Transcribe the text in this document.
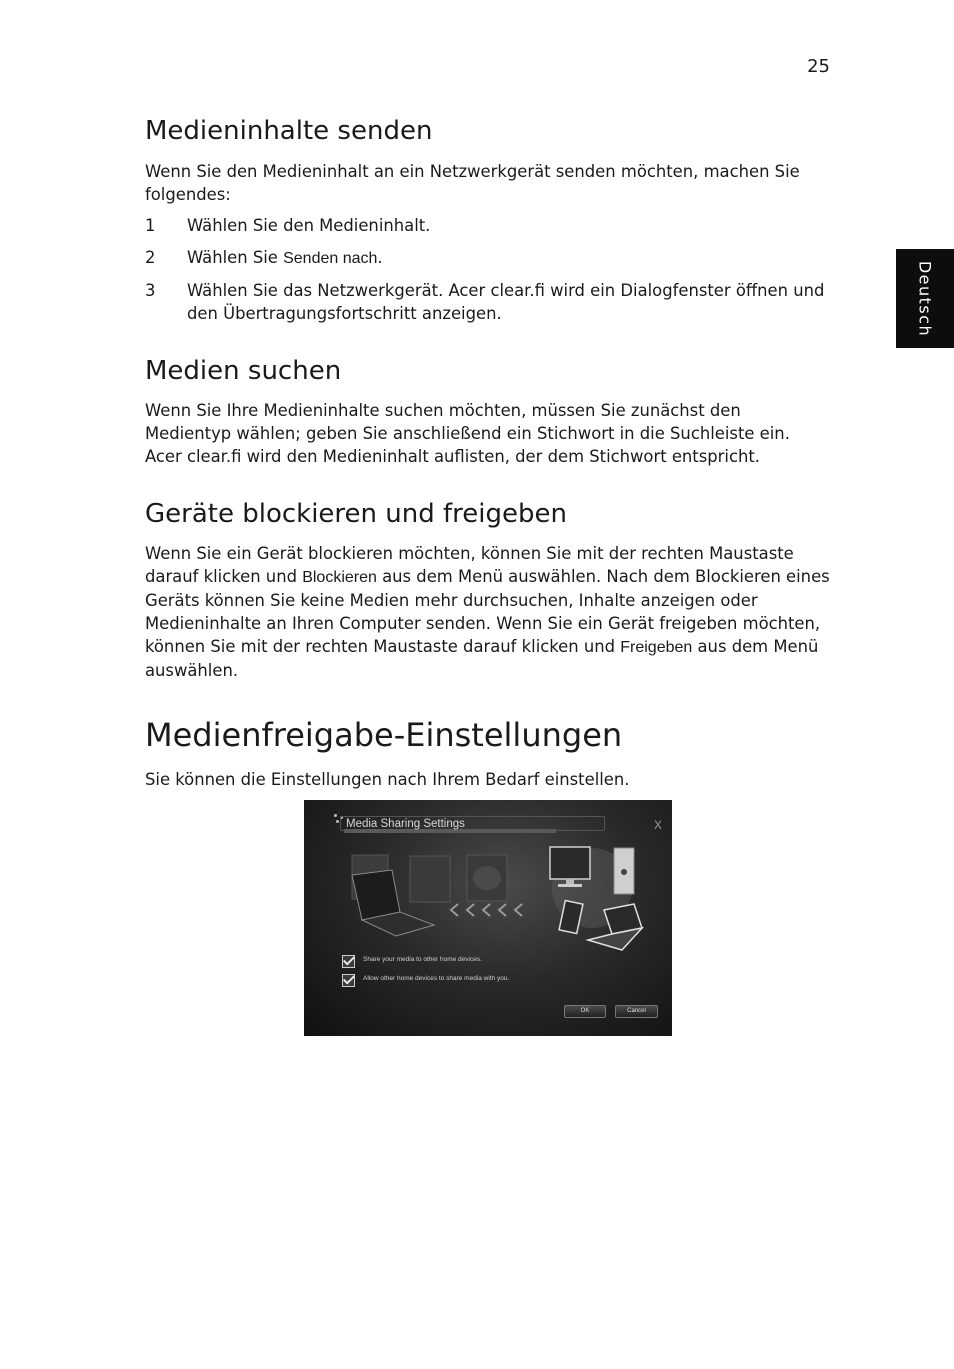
25
Deutsch
Medieninhalte senden

Wenn Sie den Medieninhalt an ein Netzwerkgerät senden möchten, machen Sie folgendes:

1 Wählen Sie den Medieninhalt.
2 Wählen Sie Senden nach.
3 Wählen Sie das Netzwerkgerät. Acer clear.fi wird ein Dialogfenster öffnen und den Übertragungsfortschritt anzeigen.
Medien suchen

Wenn Sie Ihre Medieninhalte suchen möchten, müssen Sie zunächst den Medientyp wählen; geben Sie anschließend ein Stichwort in die Suchleiste ein. Acer clear.fi wird den Medieninhalt auflisten, der dem Stichwort entspricht.

Geräte blockieren und freigeben

Wenn Sie ein Gerät blockieren möchten, können Sie mit der rechten Maustaste darauf klicken und Blockieren aus dem Menü auswählen. Nach dem Blockieren eines Geräts können Sie keine Medien mehr durchsuchen, Inhalte anzeigen oder Medieninhalte an Ihren Computer senden. Wenn Sie ein Gerät freigeben möchten, können Sie mit der rechten Maustaste darauf klicken und Freigeben aus dem Menü auswählen.

Medienfreigabe-Einstellungen

Sie können die Einstellungen nach Ihrem Bedarf einstellen.

Media Sharing Settings	X
Share your media to other home devices.
Allow other home devices to share media with you.
OK	Cancel
